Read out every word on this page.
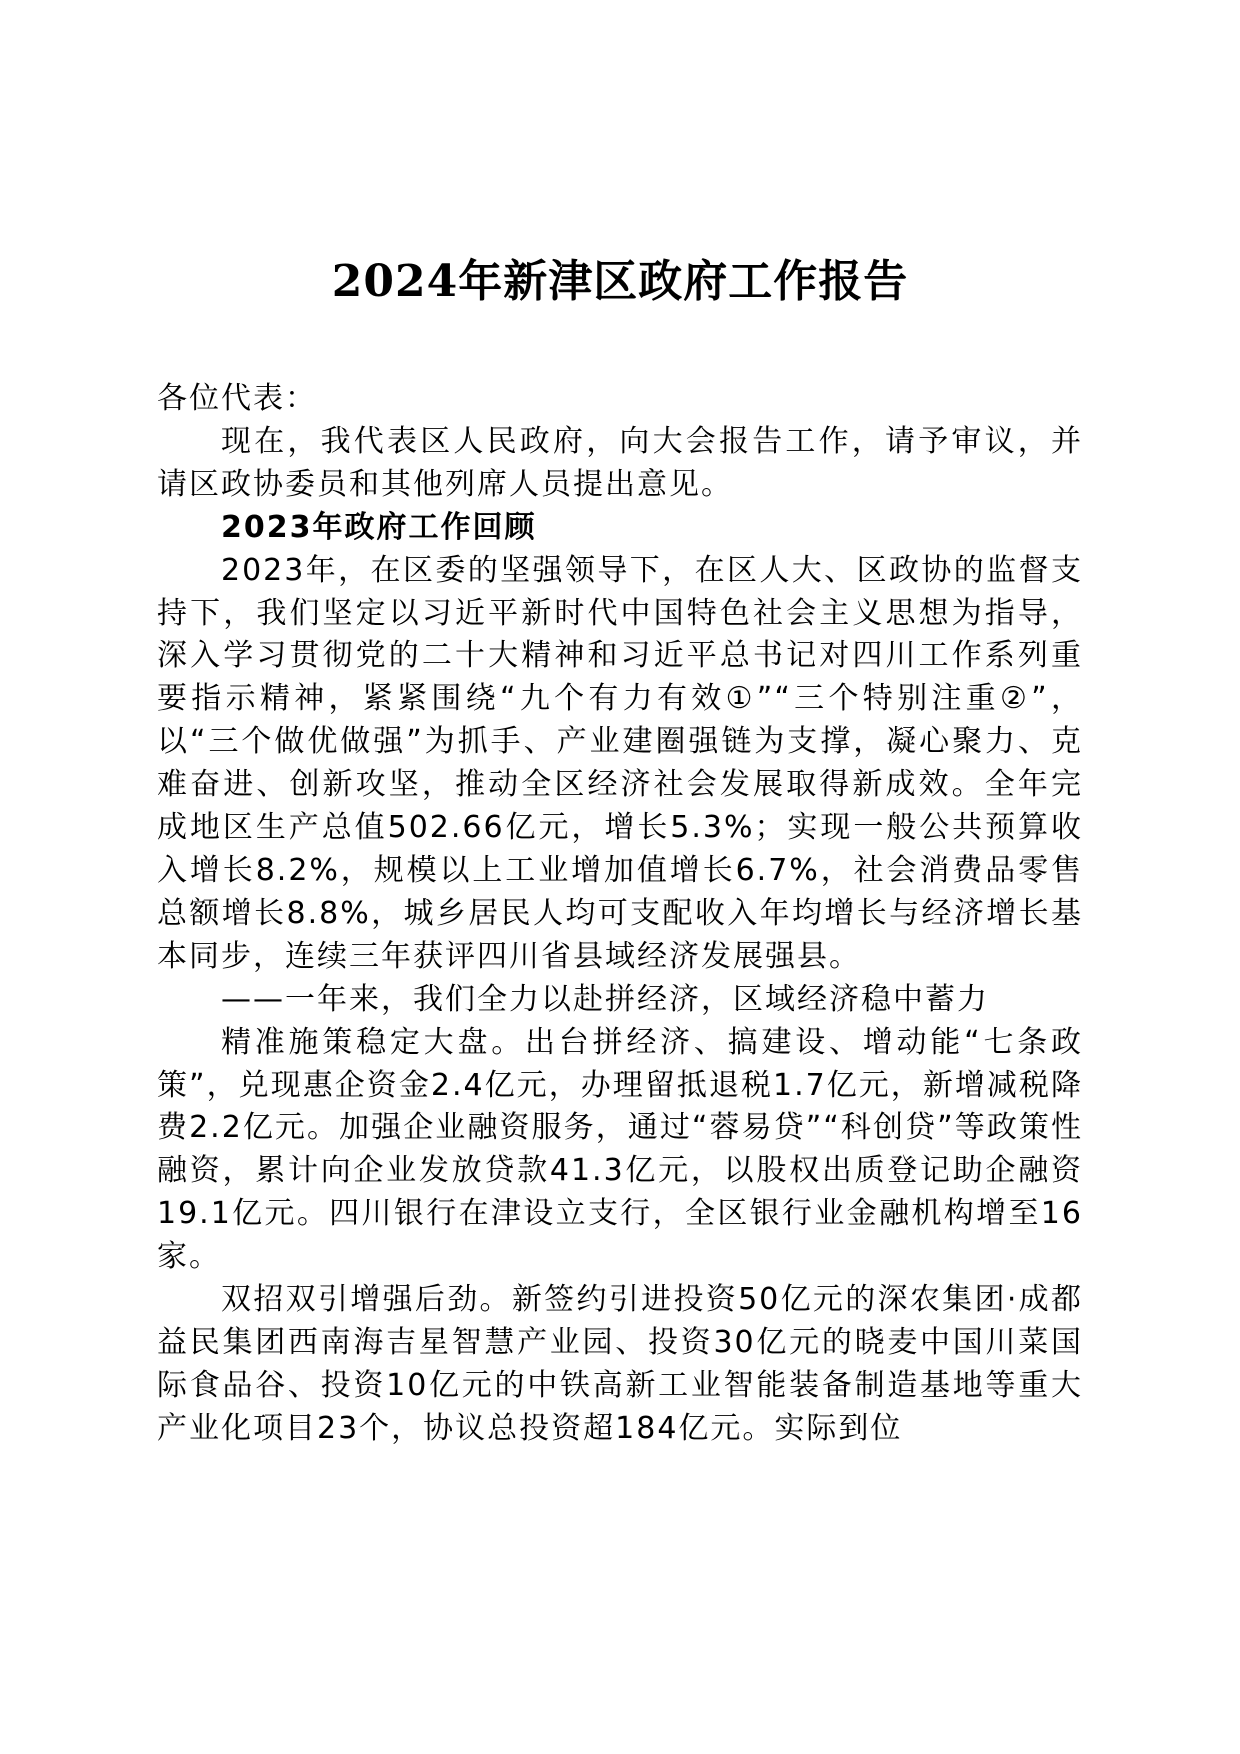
2024年新津区政府工作报告

各位代表：

现在，我代表区人民政府，向大会报告工作，请予审议，并请区政协委员和其他列席人员提出意见。

2023年政府工作回顾

2023年，在区委的坚强领导下，在区人大、区政协的监督支持下，我们坚定以习近平新时代中国特色社会主义思想为指导，深入学习贯彻党的二十大精神和习近平总书记对四川工作系列重要指示精神，紧紧围绕“九个有力有效①”“三个特别注重②”，以“三个做优做强”为抓手、产业建圈强链为支撑，凝心聚力、克难奋进、创新攻坚，推动全区经济社会发展取得新成效。全年完成地区生产总值502.66亿元，增长5.3%；实现一般公共预算收入增长8.2%，规模以上工业增加值增长6.7%，社会消费品零售总额增长8.8%，城乡居民人均可支配收入年均增长与经济增长基本同步，连续三年获评四川省县域经济发展强县。

——一年来，我们全力以赴拼经济，区域经济稳中蓄力

精准施策稳定大盘。出台拼经济、搞建设、增动能“七条政策”，兑现惠企资金2.4亿元，办理留抵退税1.7亿元，新增减税降费2.2亿元。加强企业融资服务，通过“蓉易贷”“科创贷”等政策性融资，累计向企业发放贷款41.3亿元，以股权出质登记助企融资19.1亿元。四川银行在津设立支行，全区银行业金融机构增至16家。

双招双引增强后劲。新签约引进投资50亿元的深农集团·成都益民集团西南海吉星智慧产业园、投资30亿元的晓麦中国川菜国际食品谷、投资10亿元的中铁高新工业智能装备制造基地等重大产业化项目23个，协议总投资超184亿元。实际到位
